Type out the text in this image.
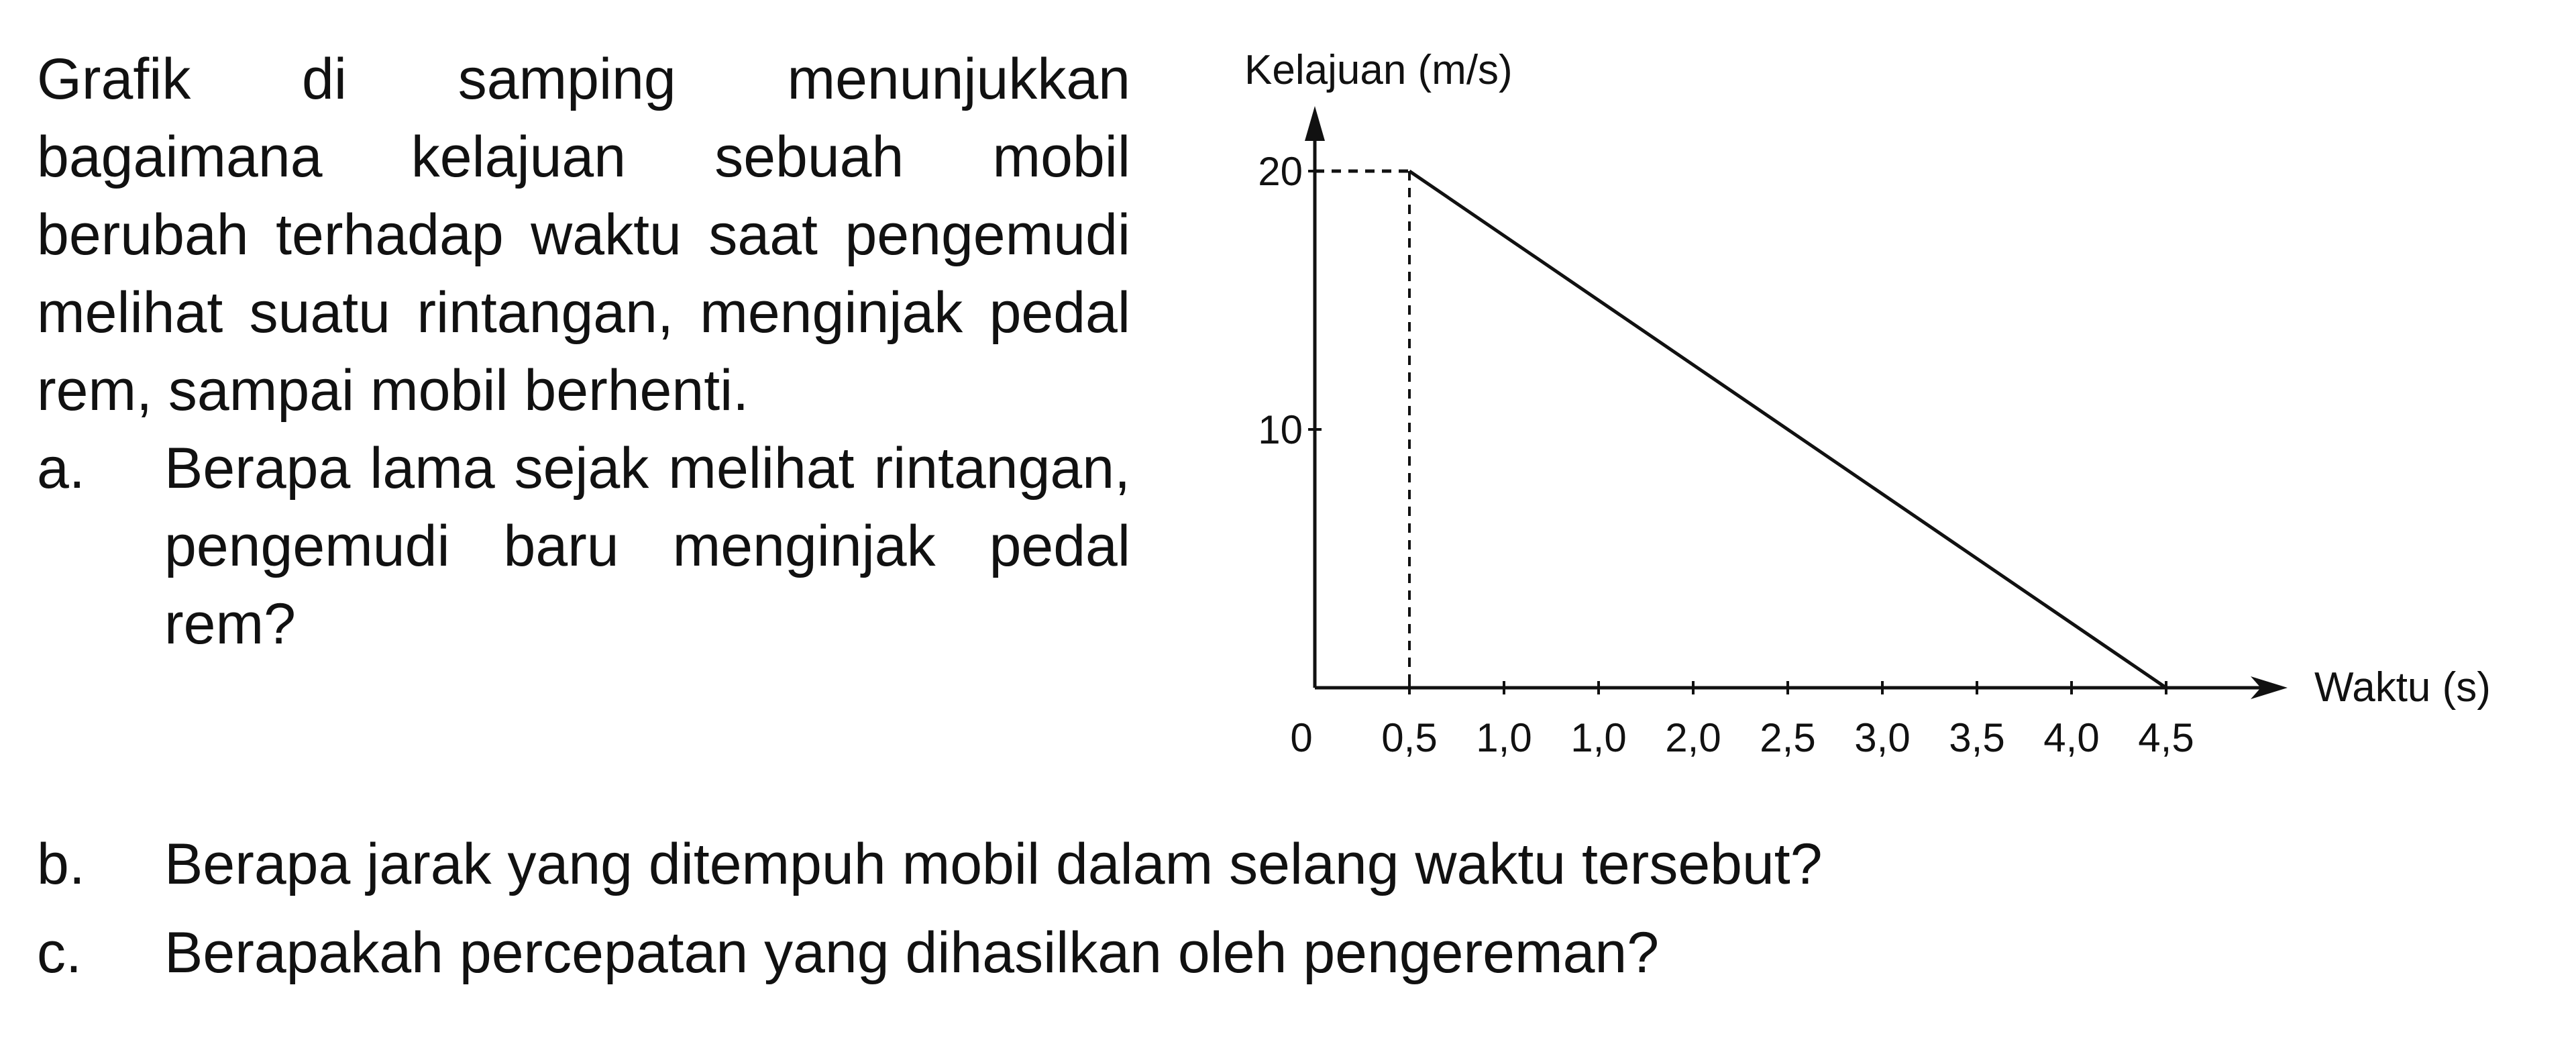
Grafik di samping menunjukkan bagaimana kelajuan sebuah mobil berubah terhadap waktu saat pengemudi melihat suatu rintangan, menginjak pedal rem, sampai mobil berhenti.
a.	Berapa lama sejak melihat rintangan, pengemudi baru menginjak pedal rem?
b.	Berapa jarak yang ditempuh mobil dalam selang waktu tersebut?
c.	Berapakah percepatan yang dihasilkan oleh pengereman?
0 0,5 1,0 1,0 2,0 2,5 3,0 3,5 4,0 4,5
10
20
Waktu (s)
Kelajuan (m/s)
